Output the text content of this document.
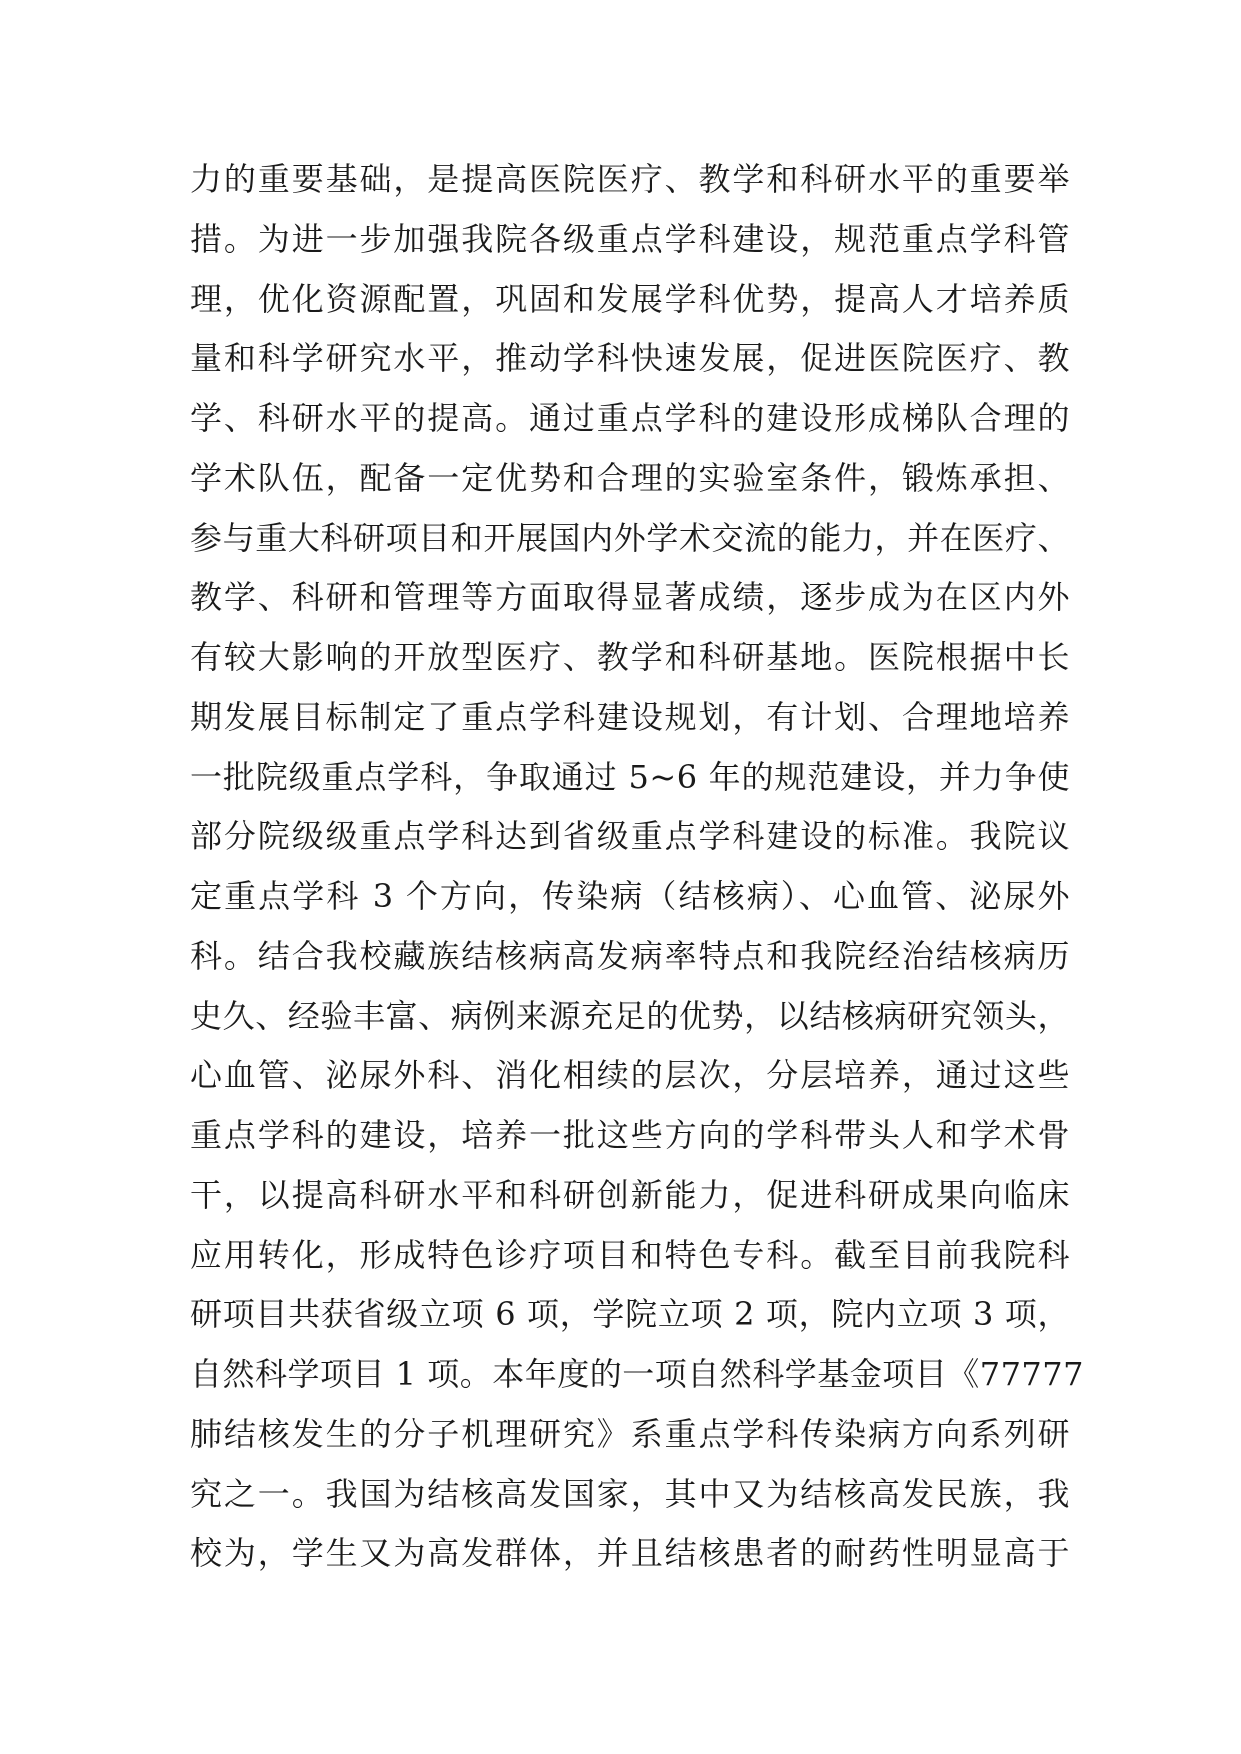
力的重要基础，是提高医院医疗、教学和科研水平的重要举
措。为进一步加强我院各级重点学科建设，规范重点学科管
理，优化资源配置，巩固和发展学科优势，提高人才培养质
量和科学研究水平，推动学科快速发展，促进医院医疗、教
学、科研水平的提高。通过重点学科的建设形成梯队合理的
学术队伍，配备一定优势和合理的实验室条件，锻炼承担、
参与重大科研项目和开展国内外学术交流的能力，并在医疗、
教学、科研和管理等方面取得显著成绩，逐步成为在区内外
有较大影响的开放型医疗、教学和科研基地。医院根据中长
期发展目标制定了重点学科建设规划，有计划、合理地培养
一批院级重点学科，争取通过 5~6 年的规范建设，并力争使
部分院级级重点学科达到省级重点学科建设的标准。我院议
定重点学科 3 个方向，传染病（结核病）、心血管、泌尿外
科。结合我校藏族结核病高发病率特点和我院经治结核病历
史久、经验丰富、病例来源充足的优势，以结核病研究领头，
心血管、泌尿外科、消化相续的层次，分层培养，通过这些
重点学科的建设，培养一批这些方向的学科带头人和学术骨
干，以提高科研水平和科研创新能力，促进科研成果向临床
应用转化，形成特色诊疗项目和特色专科。截至目前我院科
研项目共获省级立项 6 项，学院立项 2 项，院内立项 3 项，
自然科学项目 1 项。本年度的一项自然科学基金项目《77777
肺结核发生的分子机理研究》系重点学科传染病方向系列研
究之一。我国为结核高发国家，其中又为结核高发民族，我
校为，学生又为高发群体，并且结核患者的耐药性明显高于
